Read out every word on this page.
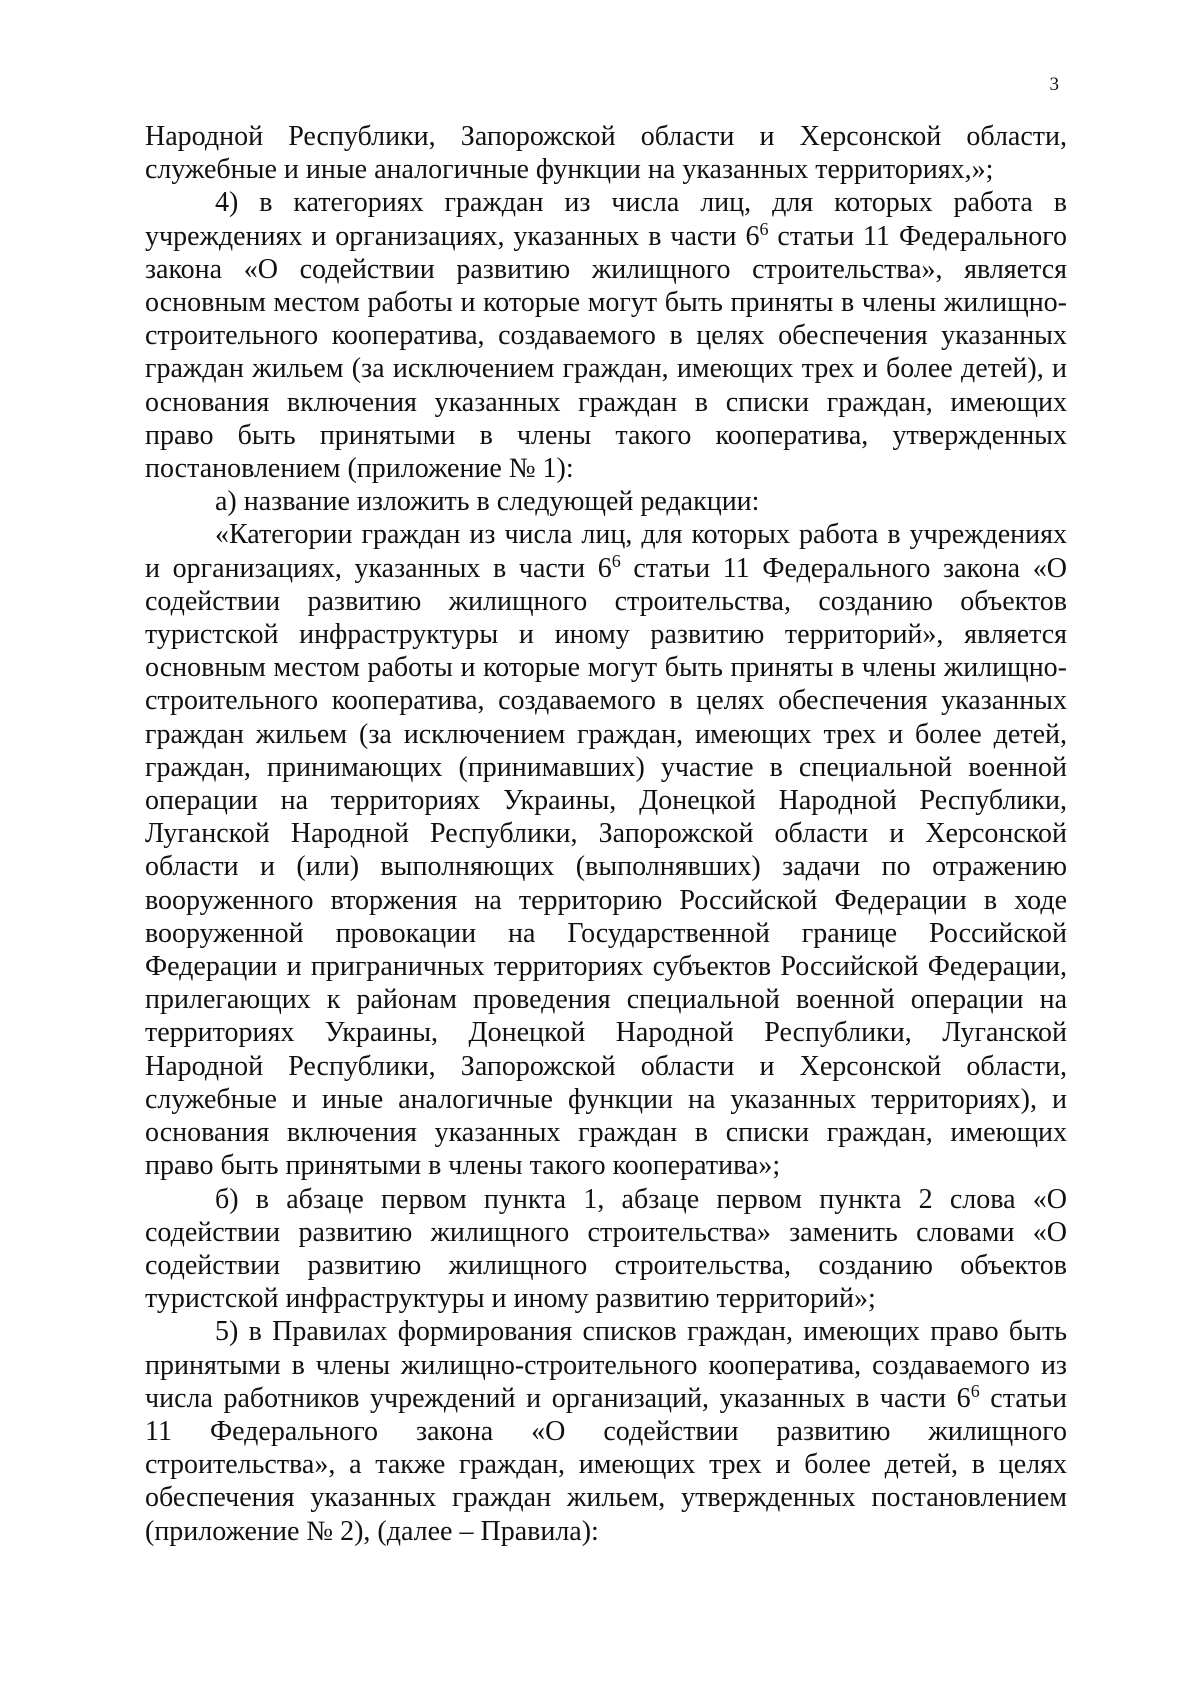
3

Народной Республики, Запорожской области и Херсонской области, служебные и иные аналогичные функции на указанных территориях,»;

4) в категориях граждан из числа лиц, для которых работа в учреждениях и организациях, указанных в части $6^6$ статьи 11 Федерального закона «О содействии развитию жилищного строительства», является основным местом работы и которые могут быть приняты в члены жилищно-строительного кооператива, создаваемого в целях обеспечения указанных граждан жильем (за исключением граждан, имеющих трех и более детей), и основания включения указанных граждан в списки граждан, имеющих право быть принятыми в члены такого кооператива, утвержденных постановлением (приложение № 1):

а) название изложить в следующей редакции:

«Категории граждан из числа лиц, для которых работа в учреждениях и организациях, указанных в части $6^6$ статьи 11 Федерального закона «О содействии развитию жилищного строительства, созданию объектов туристской инфраструктуры и иному развитию территорий», является основным местом работы и которые могут быть приняты в члены жилищно-строительного кооператива, создаваемого в целях обеспечения указанных граждан жильем (за исключением граждан, имеющих трех и более детей, граждан, принимающих (принимавших) участие в специальной военной операции на территориях Украины, Донецкой Народной Республики, Луганской Народной Республики, Запорожской области и Херсонской области и (или) выполняющих (выполнявших) задачи по отражению вооруженного вторжения на территорию Российской Федерации в ходе вооруженной провокации на Государственной границе Российской Федерации и приграничных территориях субъектов Российской Федерации, прилегающих к районам проведения специальной военной операции на территориях Украины, Донецкой Народной Республики, Луганской Народной Республики, Запорожской области и Херсонской области, служебные и иные аналогичные функции на указанных территориях), и основания включения указанных граждан в списки граждан, имеющих право быть принятыми в члены такого кооператива»;

б) в абзаце первом пункта 1, абзаце первом пункта 2 слова «О содействии развитию жилищного строительства» заменить словами «О содействии развитию жилищного строительства, созданию объектов туристской инфраструктуры и иному развитию территорий»;

5) в Правилах формирования списков граждан, имеющих право быть принятыми в члены жилищно-строительного кооператива, создаваемого из числа работников учреждений и организаций, указанных в части $6^6$ статьи 11 Федерального закона «О содействии развитию жилищного строительства», а также граждан, имеющих трех и более детей, в целях обеспечения указанных граждан жильем, утвержденных постановлением (приложение № 2), (далее – Правила):
